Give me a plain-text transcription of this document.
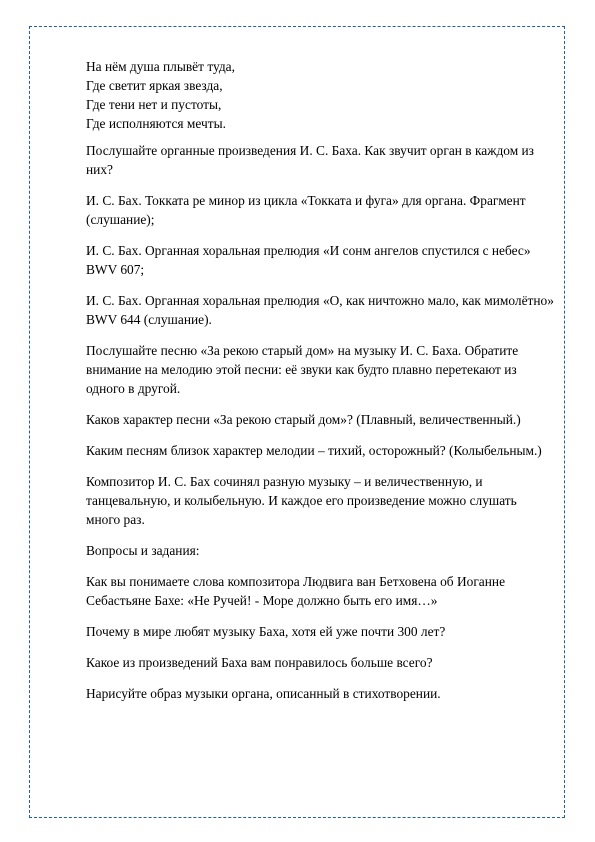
На нём душа плывёт туда,

Где светит яркая звезда,

Где тени нет и пустоты,

Где исполняются мечты.

Послушайте органные произведения И. С. Баха. Как звучит орган в каждом из них?

И. С. Бах. Токката ре минор из цикла «Токката и фуга» для органа. Фрагмент (слушание);

И. С. Бах. Органная хоральная прелюдия «И сонм ангелов спустился с небес» BWV 607;

И. С. Бах. Органная хоральная прелюдия «О, как ничтожно мало, как мимолётно» BWV 644 (слушание).

Послушайте песню «За рекою старый дом» на музыку И. С. Баха. Обратите внимание на мелодию этой песни: её звуки как будто плавно перетекают из одного в другой.

Каков характер песни «За рекою старый дом»? (Плавный, величественный.)

Каким песням близок характер мелодии – тихий, осторожный? (Колыбельным.)

Композитор И. С. Бах сочинял разную музыку – и величественную, и танцевальную, и колыбельную. И каждое его произведение можно слушать много раз.

Вопросы и задания:

Как вы понимаете слова композитора Людвига ван Бетховена об Иоганне Себастьяне Бахе: «Не Ручей! - Море должно быть его имя…»

Почему в мире любят музыку Баха, хотя ей уже почти 300 лет?

Какое из произведений Баха вам понравилось больше всего?

Нарисуйте образ музыки органа, описанный в стихотворении.
